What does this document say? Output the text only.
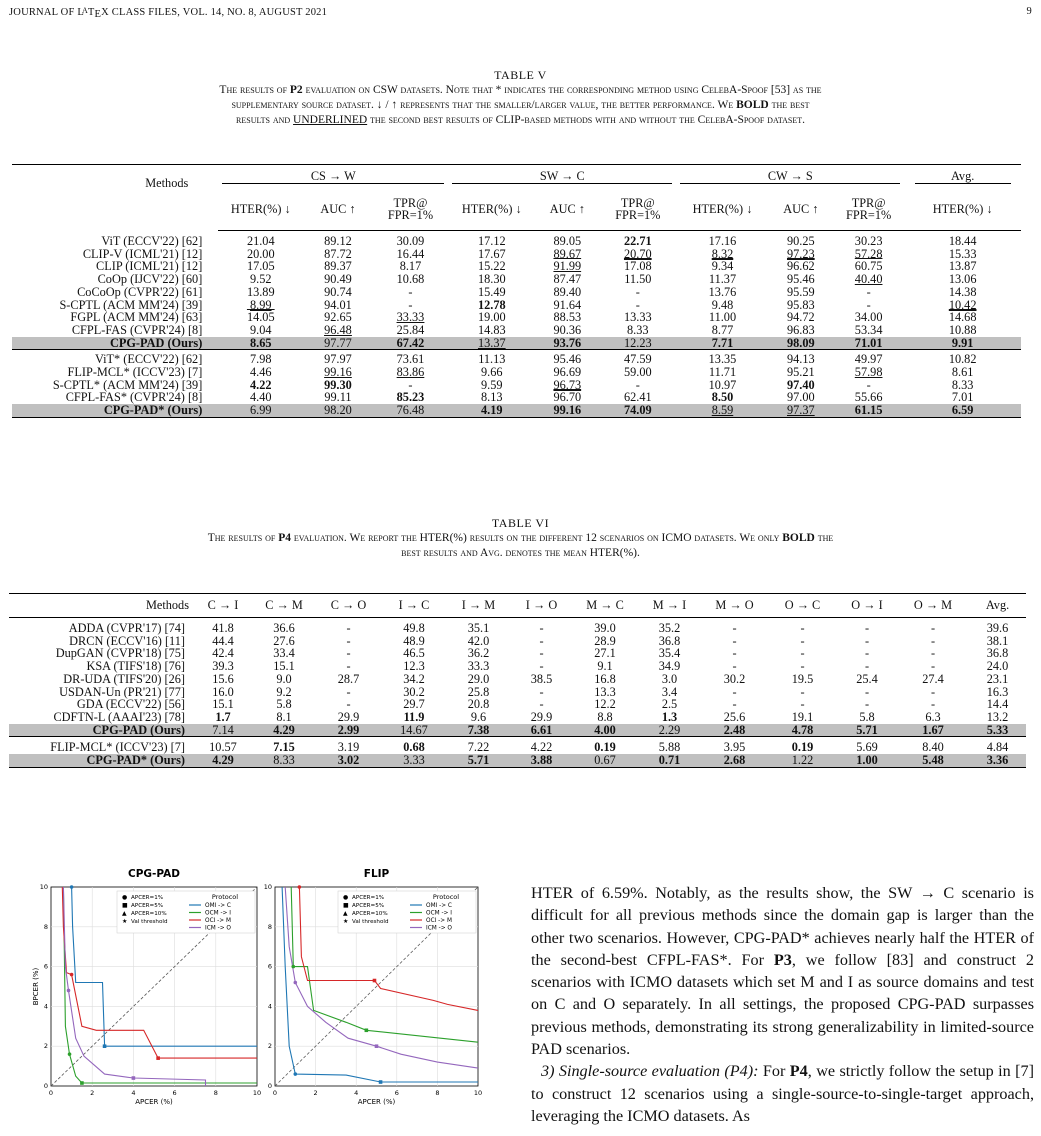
JOURNAL OF LATEX CLASS FILES, VOL. 14, NO. 8, AUGUST 2021	9
TABLE V
The results of P2 evaluation on CSW datasets. Note that * indicates the corresponding method using CelebA-Spoof [53] as the
supplementary source dataset. ↓ / ↑ represents that the smaller/larger value, the better performance. We BOLD the best
results and UNDERLINED the second best results of CLIP-based methods with and without the CelebA-Spoof dataset.
Methods	CS → W			SW → C			CW → S			Avg.
	HTER(%) ↓	AUC ↑	TPR@
FPR=1%	HTER(%) ↓	AUC ↑	TPR@
FPR=1%	HTER(%) ↓	AUC ↑	TPR@
FPR=1%	HTER(%) ↓
ViT (ECCV'22) [62]	21.04	89.12	30.09	17.12	89.05	22.71	17.16	90.25	30.23	18.44
CLIP-V (ICML'21) [12]	20.00	87.72	16.44	17.67	89.67	20.70	8.32	97.23	57.28	15.33
CLIP (ICML'21) [12]	17.05	89.37	8.17	15.22	91.99	17.08	9.34	96.62	60.75	13.87
CoOp (IJCV'22) [60]	9.52	90.49	10.68	18.30	87.47	11.50	11.37	95.46	40.40	13.06
CoCoOp (CVPR'22) [61]	13.89	90.74	-	15.49	89.40	-	13.76	95.59	-	14.38
S-CPTL (ACM MM'24) [39]	8.99	94.01	-	12.78	91.64	-	9.48	95.83	-	10.42
FGPL (ACM MM'24) [63]	14.05	92.65	33.33	19.00	88.53	13.33	11.00	94.72	34.00	14.68
CFPL-FAS (CVPR'24) [8]	9.04	96.48	25.84	14.83	90.36	8.33	8.77	96.83	53.34	10.88
CPG-PAD (Ours)	8.65	97.77	67.42	13.37	93.76	12.23	7.71	98.09	71.01	9.91
ViT* (ECCV'22) [62]	7.98	97.97	73.61	11.13	95.46	47.59	13.35	94.13	49.97	10.82
FLIP-MCL* (ICCV'23) [7]	4.46	99.16	83.86	9.66	96.69	59.00	11.71	95.21	57.98	8.61
S-CPTL* (ACM MM'24) [39]	4.22	99.30	-	9.59	96.73	-	10.97	97.40	-	8.33
CFPL-FAS* (CVPR'24) [8]	4.40	99.11	85.23	8.13	96.70	62.41	8.50	97.00	55.66	7.01
CPG-PAD* (Ours)	6.99	98.20	76.48	4.19	99.16	74.09	8.59	97.37	61.15	6.59
TABLE VI
The results of P4 evaluation. We report the HTER(%) results on the different 12 scenarios on ICMO datasets. We only BOLD the
best results and Avg. denotes the mean HTER(%).
Methods	C → I	C → M	C → O	I → C	I → M	I → O	M → C	M → I	M → O	O → C	O → I	O → M	Avg.
ADDA (CVPR'17) [74]	41.8	36.6	-	49.8	35.1	-	39.0	35.2	-	-	-	-	39.6
DRCN (ECCV'16) [11]	44.4	27.6	-	48.9	42.0	-	28.9	36.8	-	-	-	-	38.1
DupGAN (CVPR'18) [75]	42.4	33.4	-	46.5	36.2	-	27.1	35.4	-	-	-	-	36.8
KSA (TIFS'18) [76]	39.3	15.1	-	12.3	33.3	-	9.1	34.9	-	-	-	-	24.0
DR-UDA (TIFS'20) [26]	15.6	9.0	28.7	34.2	29.0	38.5	16.8	3.0	30.2	19.5	25.4	27.4	23.1
USDAN-Un (PR'21) [77]	16.0	9.2	-	30.2	25.8	-	13.3	3.4	-	-	-	-	16.3
GDA (ECCV'22) [56]	15.1	5.8	-	29.7	20.8	-	12.2	2.5	-	-	-	-	14.4
CDFTN-L (AAAI'23) [78]	1.7	8.1	29.9	11.9	9.6	29.9	8.8	1.3	25.6	19.1	5.8	6.3	13.2
CPG-PAD (Ours)	7.14	4.29	2.99	14.67	7.38	6.61	4.00	2.29	2.48	4.78	5.71	1.67	5.33
FLIP-MCL* (ICCV'23) [7]	10.57	7.15	3.19	0.68	7.22	4.22	0.19	5.88	3.95	0.19	5.69	8.40	4.84
CPG-PAD* (Ours)	4.29	8.33	3.02	3.33	5.71	3.88	0.67	0.71	2.68	1.22	1.00	5.48	3.36
CPG-PAD
0	2	4	6	8	10
0
2
4
6
8
10
APCER (%)
BPCER (%)
● APCER=1%
■ APCER=5%
▲ APCER=10%
★ Val threshold
Protocol
OMI -> C
OCM -> I
OCI -> M
ICM -> O
FLIP
0	2	4	6	8	10
0
2
4
6
8
10
APCER (%)
● APCER=1%
■ APCER=5%
▲ APCER=10%
★ Val threshold
Protocol
OMI -> C
OCM -> I
OCI -> M
ICM -> O

HTER of 6.59%. Notably, as the results show, the SW → C scenario is difficult for all previous methods since the domain gap is larger than the other two scenarios. However, CPG-PAD* achieves nearly half the HTER of the second-best CFPL-FAS*. For P3, we follow [83] and construct 2 scenarios with ICMO datasets which set M and I as source domains and test on C and O separately. In all settings, the proposed CPG-PAD surpasses previous methods, demonstrating its strong generalizability in limited-source PAD scenarios.

3) Single-source evaluation (P4): For P4, we strictly follow the setup in [7] to construct 12 scenarios using a single-source-to-single-target approach, leveraging the ICMO datasets. As
